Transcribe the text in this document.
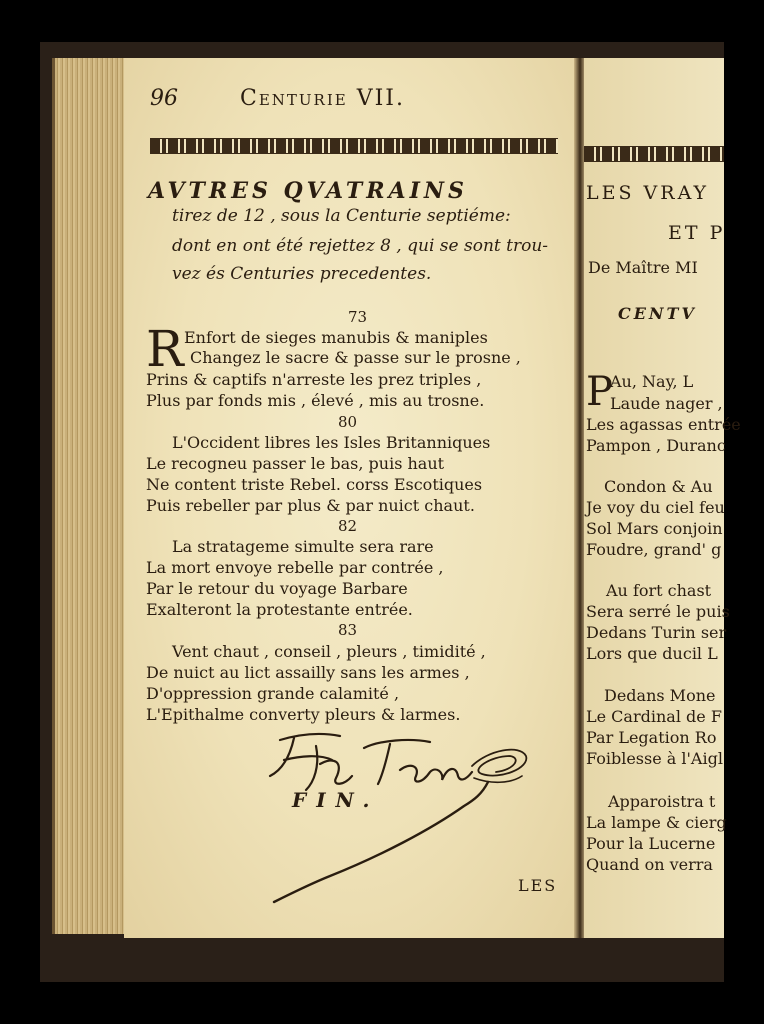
96	Centurie VII.
AVTRES QVATRAINS
tirez de 12 , sous la Centurie septiéme:
dont en ont été rejettez 8 , qui se sont trou-
vez és Centuries precedentes.
73
R Enfort de sieges manubis & maniples
Changez le sacre & passe sur le prosne ,
Prins & captifs n'arreste les prez triples ,
Plus par fonds mis , élevé , mis au trosne.
80
L'Occident libres les Isles Britanniques
Le recogneu passer le bas, puis haut
Ne content triste Rebel. corss Escotiques
Puis rebeller par plus & par nuict chaut.
82
La stratageme simulte sera rare
La mort envoye rebelle par contrée ,
Par le retour du voyage Barbare
Exalteront la protestante entrée.
83
Vent chaut , conseil , pleurs , timidité ,
De nuict au lict assailly sans les armes ,
D'oppression grande calamité ,
L'Epithalme converty pleurs & larmes.
FIN.
LES
LES VRAY
ET P
De Maître MI
CENTV
P
Au, Nay, L
Laude nager ,
Les agassas entrée
Pampon , Duranc
Condon & Au
Je voy du ciel feu
Sol Mars conjoin
Foudre, grand' g
Au fort chast
Sera serré le puis
Dedans Turin ser
Lors que ducil L
Dedans Mone
Le Cardinal de F
Par Legation Ro
Foiblesse à l'Aigl
Apparoistra t
La lampe & cierg
Pour la Lucerne
Quand on verra
